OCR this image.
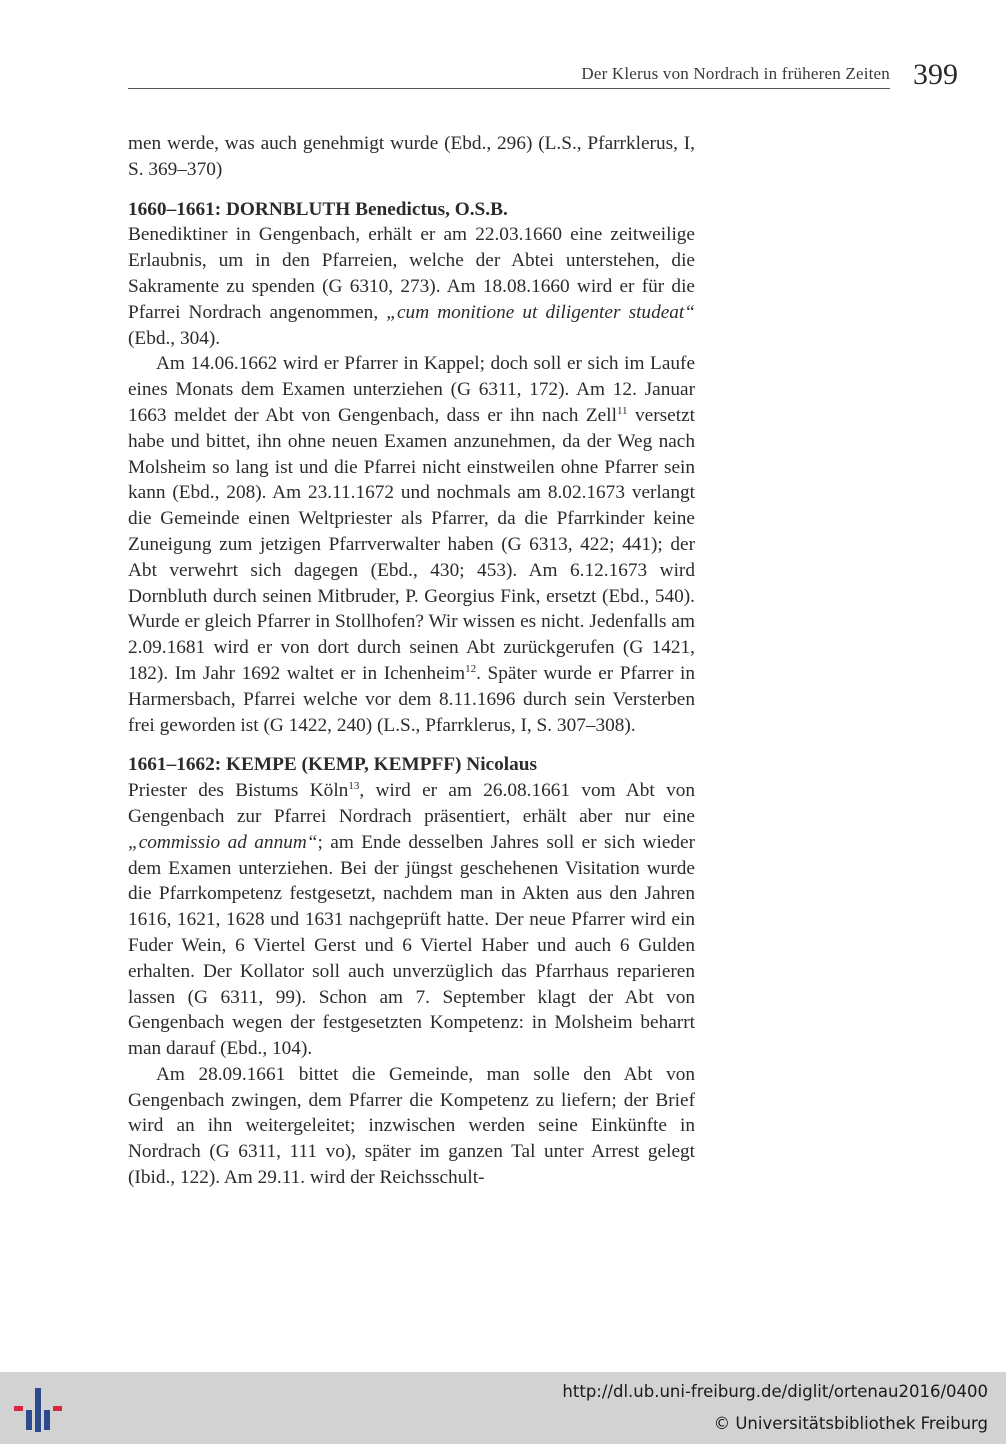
Der Klerus von Nordrach in früheren Zeiten 399

men werde, was auch genehmigt wurde (Ebd., 296) (L.S., Pfarrklerus, I, S. 369–370)

1660–1661: DORNBLUTH Benedictus, O.S.B.

Benediktiner in Gengenbach, erhält er am 22.03.1660 eine zeitweilige Erlaubnis, um in den Pfarreien, welche der Abtei unterstehen, die Sakramente zu spenden (G 6310, 273). Am 18.08.1660 wird er für die Pfarrei Nordrach angenommen, „cum monitione ut diligenter studeat“ (Ebd., 304).

Am 14.06.1662 wird er Pfarrer in Kappel; doch soll er sich im Laufe eines Monats dem Examen unterziehen (G 6311, 172). Am 12. Januar 1663 meldet der Abt von Gengenbach, dass er ihn nach Zell$^{11}$ versetzt habe und bittet, ihn ohne neuen Examen anzunehmen, da der Weg nach Molsheim so lang ist und die Pfarrei nicht einstweilen ohne Pfarrer sein kann (Ebd., 208). Am 23.11.1672 und nochmals am 8.02.1673 verlangt die Gemeinde einen Weltpriester als Pfarrer, da die Pfarrkinder keine Zuneigung zum jetzigen Pfarrverwalter haben (G 6313, 422; 441); der Abt verwehrt sich dagegen (Ebd., 430; 453). Am 6.12.1673 wird Dornbluth durch seinen Mitbruder, P. Georgius Fink, ersetzt (Ebd., 540). Wurde er gleich Pfarrer in Stollhofen? Wir wissen es nicht. Jedenfalls am 2.09.1681 wird er von dort durch seinen Abt zurückgerufen (G 1421, 182). Im Jahr 1692 waltet er in Ichenheim$^{12}$. Später wurde er Pfarrer in Harmersbach, Pfarrei welche vor dem 8.11.1696 durch sein Versterben frei geworden ist (G 1422, 240) (L.S., Pfarrklerus, I, S. 307–308).

1661–1662: KEMPE (KEMP, KEMPFF) Nicolaus

Priester des Bistums Köln$^{13}$, wird er am 26.08.1661 vom Abt von Gengenbach zur Pfarrei Nordrach präsentiert, erhält aber nur eine „commissio ad annum“; am Ende desselben Jahres soll er sich wieder dem Examen unterziehen. Bei der jüngst geschehenen Visitation wurde die Pfarrkompetenz festgesetzt, nachdem man in Akten aus den Jahren 1616, 1621, 1628 und 1631 nachgeprüft hatte. Der neue Pfarrer wird ein Fuder Wein, 6 Viertel Gerst und 6 Viertel Haber und auch 6 Gulden erhalten. Der Kollator soll auch unverzüglich das Pfarrhaus reparieren lassen (G 6311, 99). Schon am 7. September klagt der Abt von Gengenbach wegen der festgesetzten Kompetenz: in Molsheim beharrt man darauf (Ebd., 104).

Am 28.09.1661 bittet die Gemeinde, man solle den Abt von Gengenbach zwingen, dem Pfarrer die Kompetenz zu liefern; der Brief wird an ihn weitergeleitet; inzwischen werden seine Einkünfte in Nordrach (G 6311, 111 vo), später im ganzen Tal unter Arrest gelegt (Ibid., 122). Am 29.11. wird der Reichsschult-

http://dl.ub.uni-freiburg.de/diglit/ortenau2016/0400
© Universitätsbibliothek Freiburg
